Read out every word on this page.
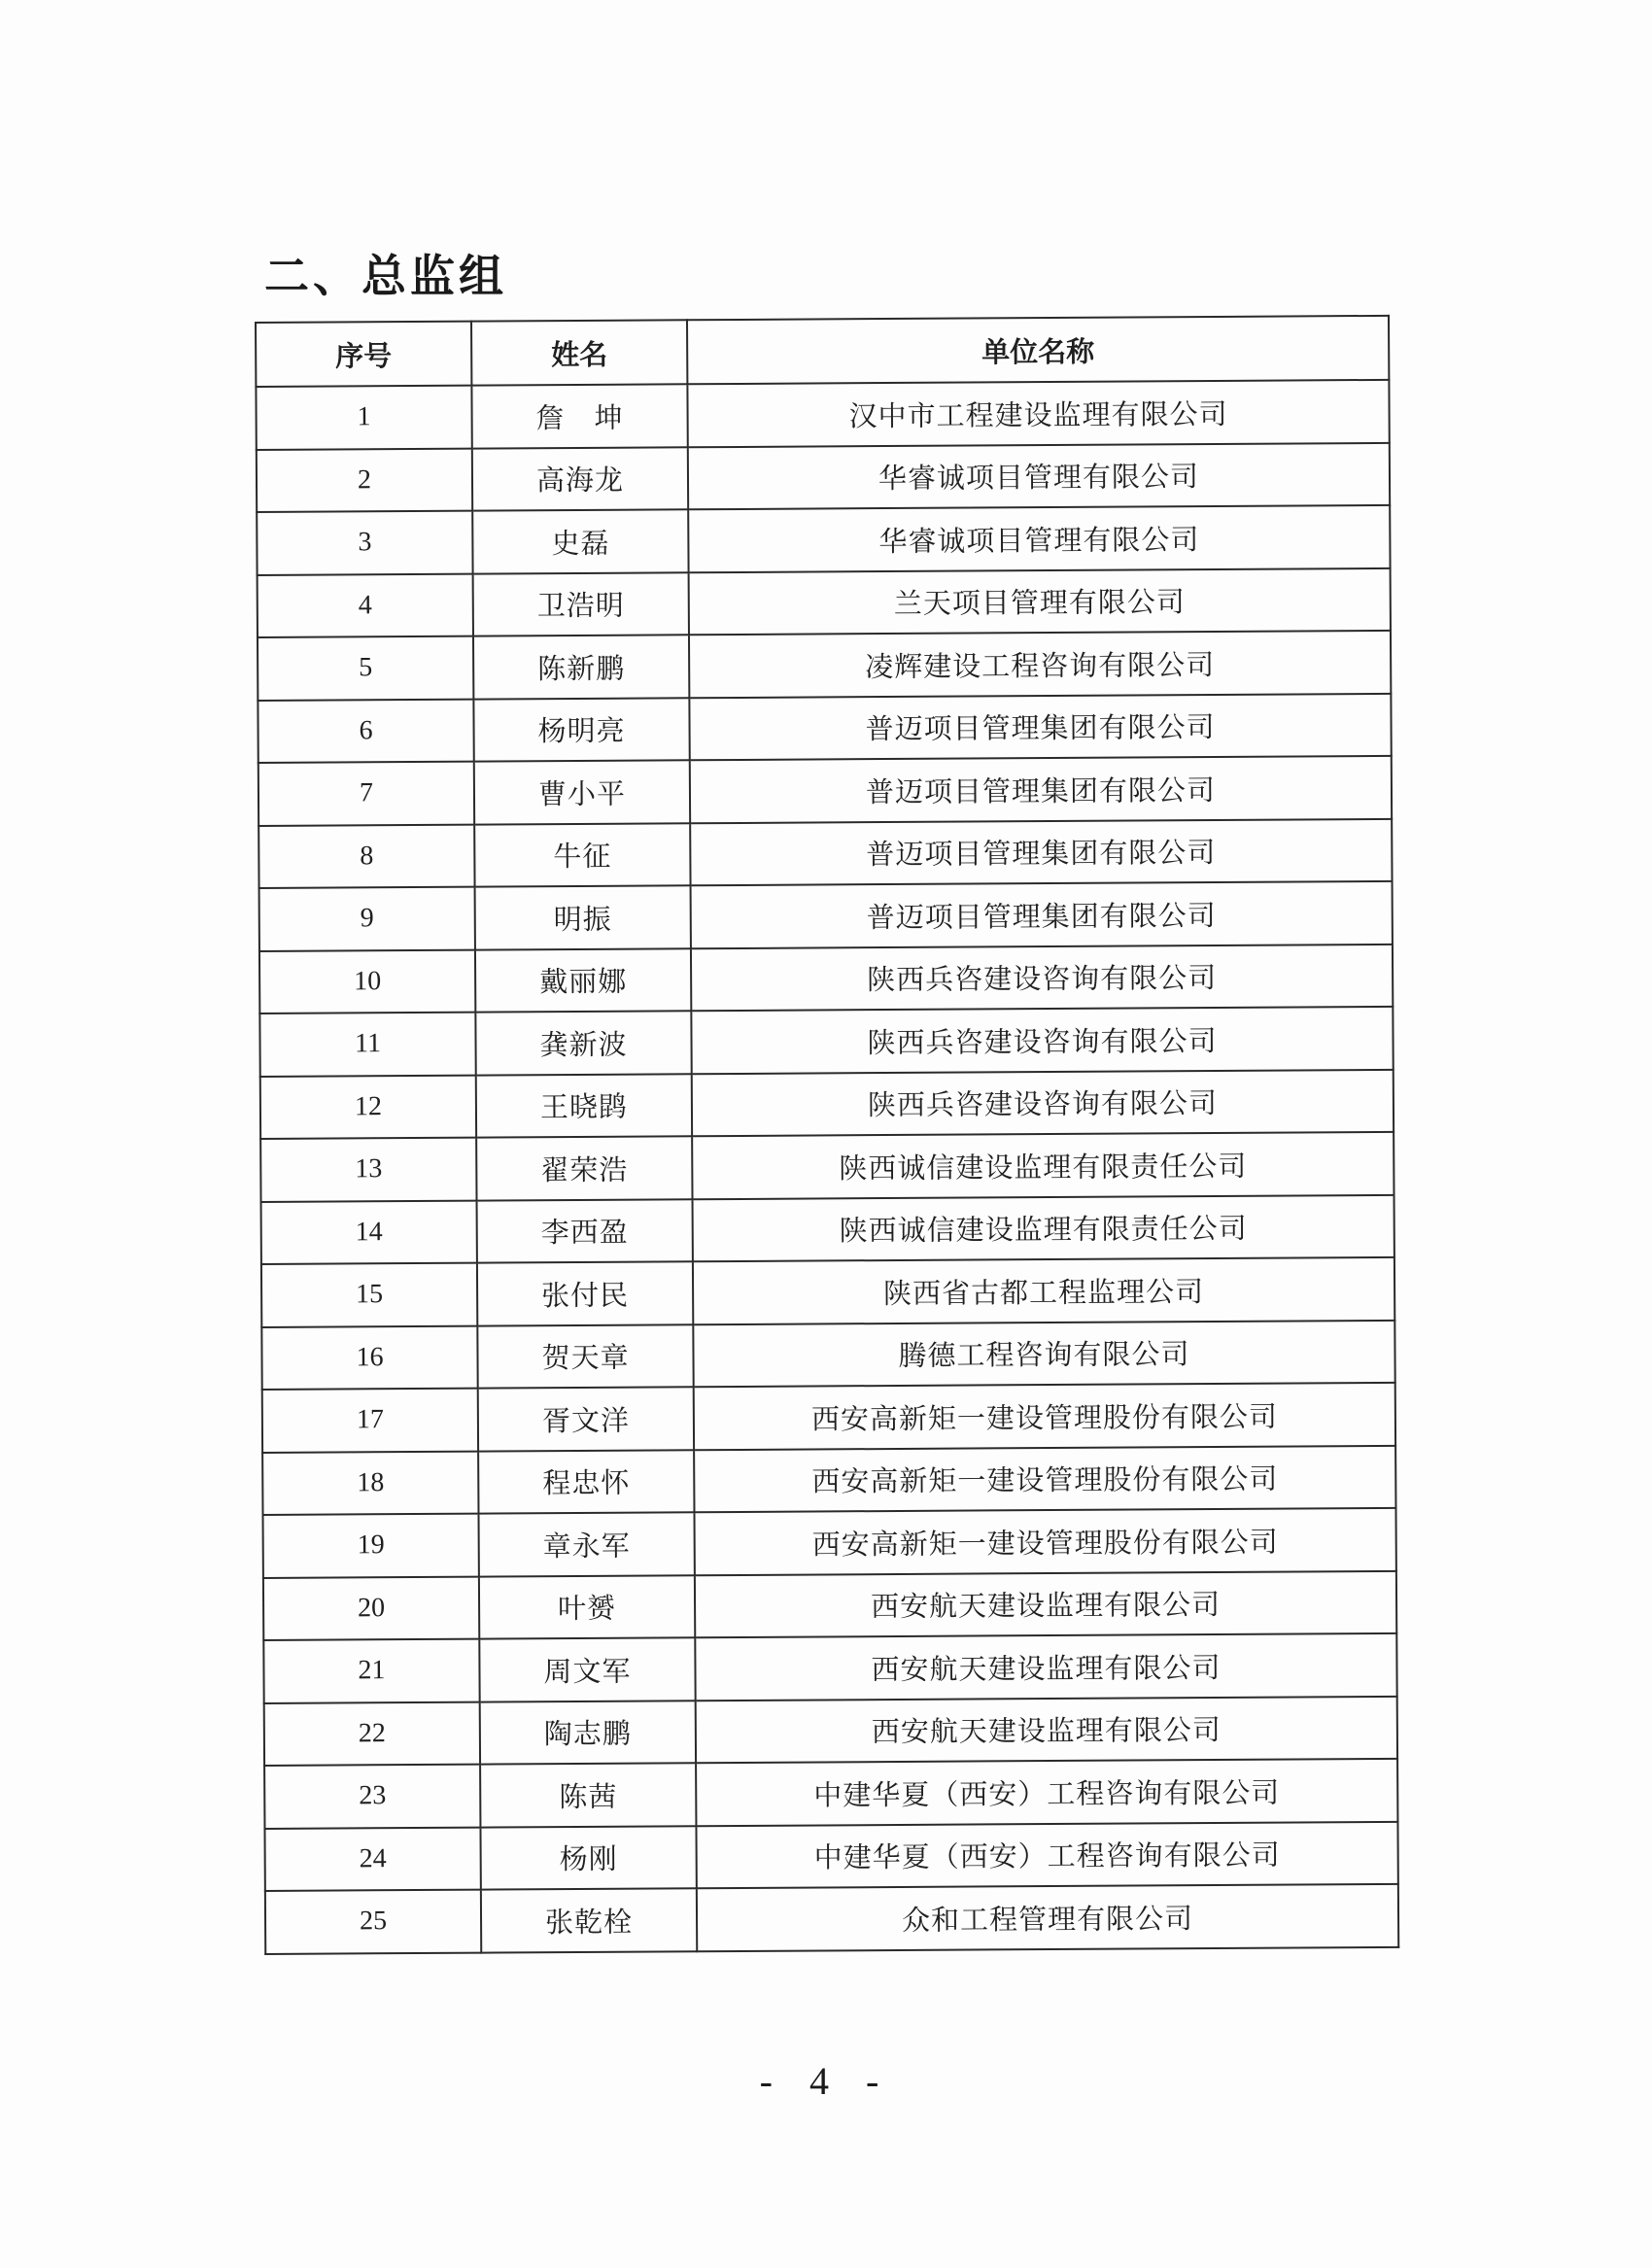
二、总监组
序号	姓名	单位名称
1	詹　坤	汉中市工程建设监理有限公司
2	高海龙	华睿诚项目管理有限公司
3	史磊	华睿诚项目管理有限公司
4	卫浩明	兰天项目管理有限公司
5	陈新鹏	凌辉建设工程咨询有限公司
6	杨明亮	普迈项目管理集团有限公司
7	曹小平	普迈项目管理集团有限公司
8	牛征	普迈项目管理集团有限公司
9	明振	普迈项目管理集团有限公司
10	戴丽娜	陕西兵咨建设咨询有限公司
11	龚新波	陕西兵咨建设咨询有限公司
12	王晓鹍	陕西兵咨建设咨询有限公司
13	翟荣浩	陕西诚信建设监理有限责任公司
14	李西盈	陕西诚信建设监理有限责任公司
15	张付民	陕西省古都工程监理公司
16	贺天章	腾德工程咨询有限公司
17	胥文洋	西安高新矩一建设管理股份有限公司
18	程忠怀	西安高新矩一建设管理股份有限公司
19	章永军	西安高新矩一建设管理股份有限公司
20	叶赟	西安航天建设监理有限公司
21	周文军	西安航天建设监理有限公司
22	陶志鹏	西安航天建设监理有限公司
23	陈茜	中建华夏（西安）工程咨询有限公司
24	杨刚	中建华夏（西安）工程咨询有限公司
25	张乾栓	众和工程管理有限公司
- 4 -
